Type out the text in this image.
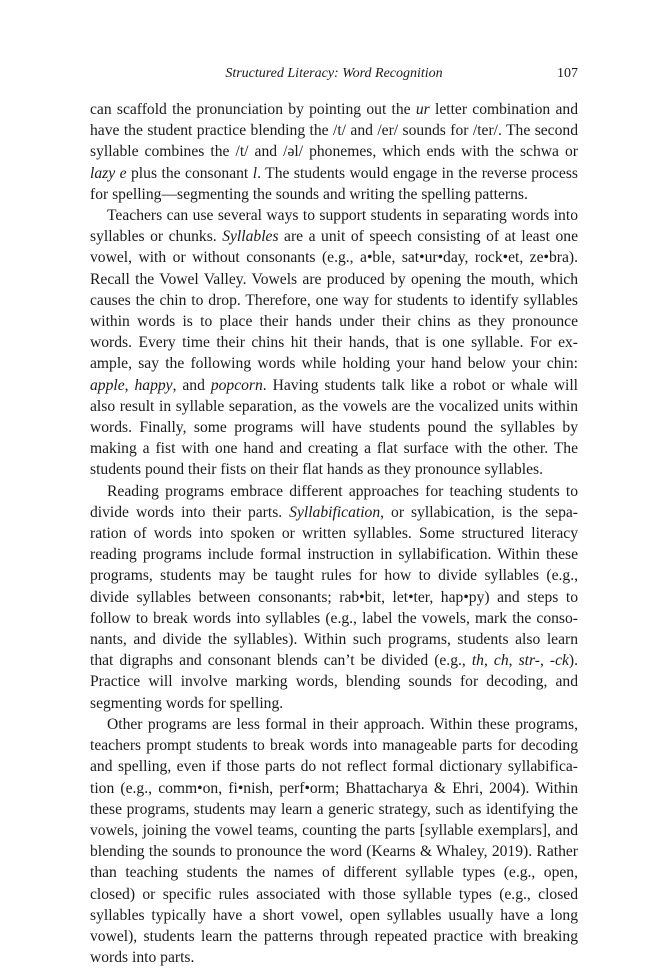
Structured Literacy: Word Recognition	107

can scaffold the pronunciation by pointing out the ur letter combination and have the student practice blending the /t/ and /er/ sounds for /ter/. The second syllable combines the /t/ and /əl/ phonemes, which ends with the schwa or lazy e plus the consonant l. The students would engage in the reverse process for spelling—segmenting the sounds and writing the spelling patterns.

Teachers can use several ways to support students in separating words into syllables or chunks. Syllables are a unit of speech consisting of at least one vowel, with or without consonants (e.g., a•ble, sat•ur•day, rock•et, ze•bra). Recall the Vowel Valley. Vowels are produced by opening the mouth, which causes the chin to drop. Therefore, one way for students to identify syllables within words is to place their hands under their chins as they pronounce words. Every time their chins hit their hands, that is one syllable. For example, say the following words while holding your hand below your chin: apple, happy, and popcorn. Having students talk like a robot or whale will also result in syllable separation, as the vowels are the vocalized units within words. Finally, some programs will have students pound the syllables by making a fist with one hand and creating a flat surface with the other. The students pound their fists on their flat hands as they pronounce syllables.

Reading programs embrace different approaches for teaching students to divide words into their parts. Syllabification, or syllabication, is the separation of words into spoken or written syllables. Some structured literacy reading programs include formal instruction in syllabification. Within these programs, students may be taught rules for how to divide syllables (e.g., divide syllables between consonants; rab•bit, let•ter, hap•py) and steps to follow to break words into syllables (e.g., label the vowels, mark the consonants, and divide the syllables). Within such programs, students also learn that digraphs and consonant blends can’t be divided (e.g., th, ch, str-, -ck). Practice will involve marking words, blending sounds for decoding, and segmenting words for spelling.

Other programs are less formal in their approach. Within these programs, teachers prompt students to break words into manageable parts for decoding and spelling, even if those parts do not reflect formal dictionary syllabification (e.g., comm•on, fi•nish, perf•orm; Bhattacharya & Ehri, 2004). Within these programs, students may learn a generic strategy, such as identifying the vowels, joining the vowel teams, counting the parts [syllable exemplars], and blending the sounds to pronounce the word (Kearns & Whaley, 2019). Rather than teaching students the names of different syllable types (e.g., open, closed) or specific rules associated with those syllable types (e.g., closed syllables typically have a short vowel, open syllables usually have a long vowel), students learn the patterns through repeated practice with breaking words into parts.
